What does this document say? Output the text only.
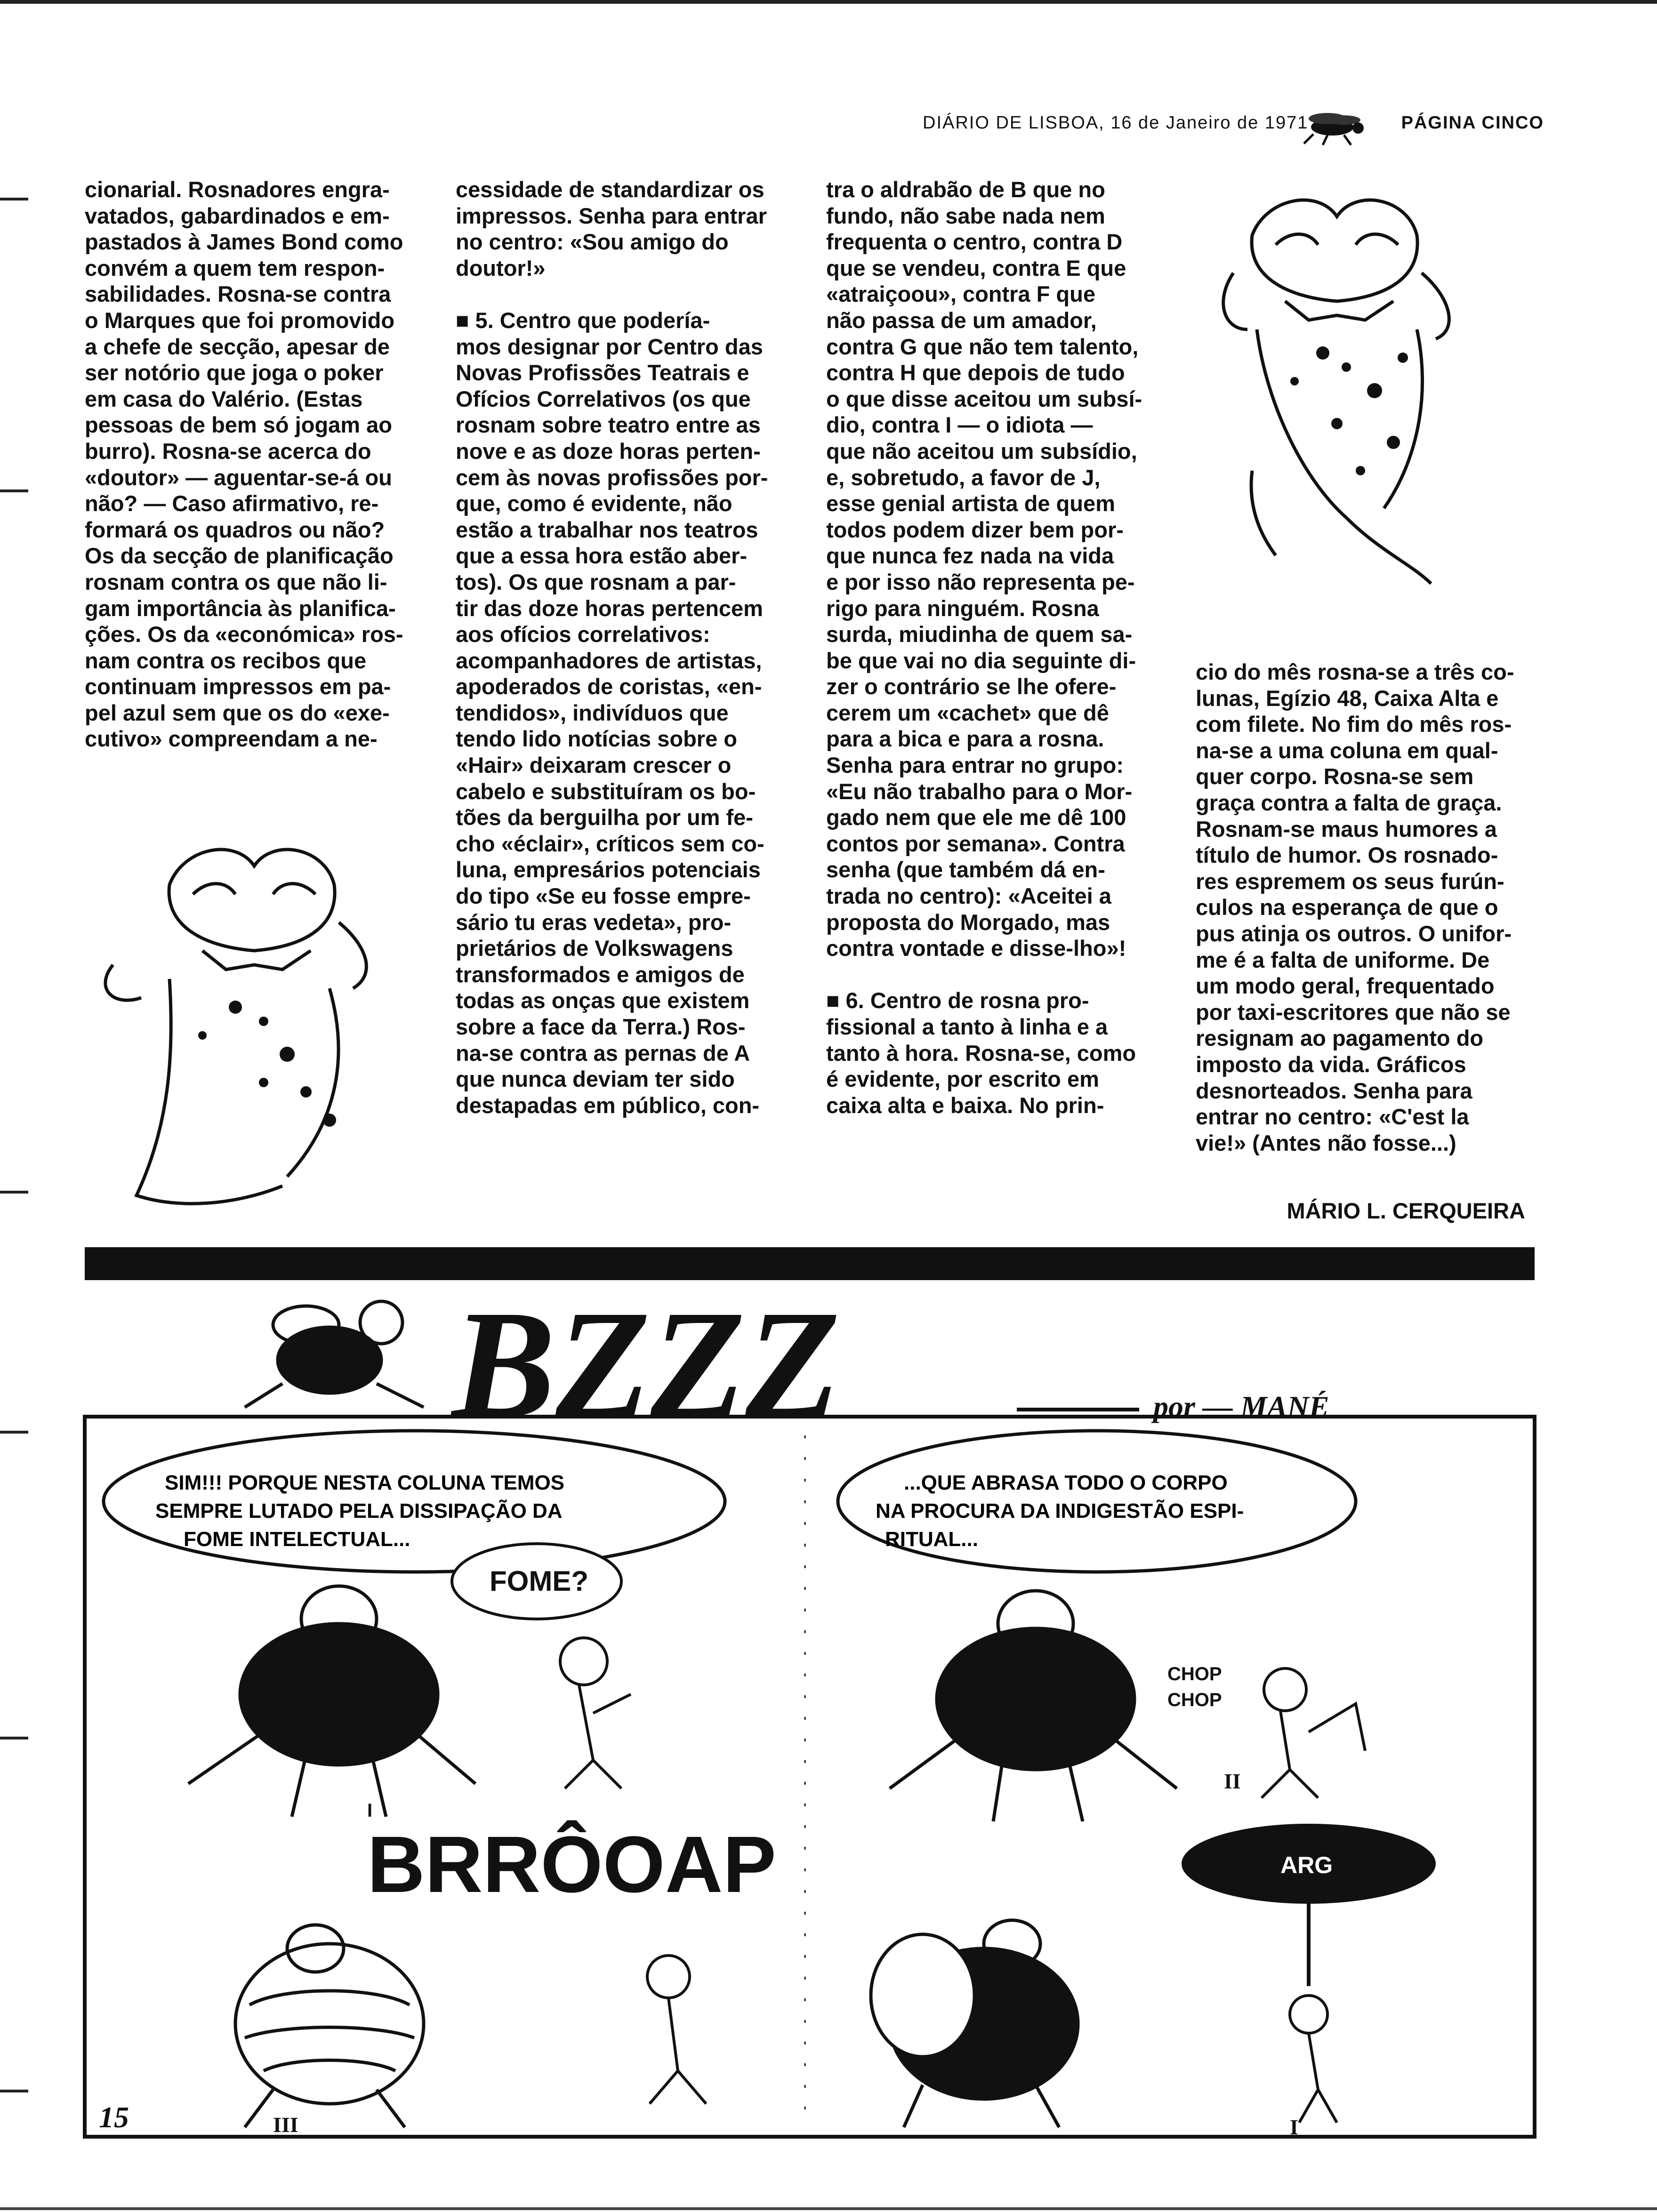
DIÁRIO DE LISBOA, 16 de Janeiro de 1971	PÁGINA CINCO
cionarial. Rosnadores engra-
vatados, gabardinados e em-
pastados à James Bond como
convém a quem tem respon-
sabilidades. Rosna-se contra
o Marques que foi promovido
a chefe de secção, apesar de
ser notório que joga o poker
em casa do Valério. (Estas
pessoas de bem só jogam ao
burro). Rosna-se acerca do
«doutor» — aguentar-se-á ou
não? — Caso afirmativo, re-
formará os quadros ou não?
Os da secção de planificação
rosnam contra os que não li-
gam importância às planifica-
ções. Os da «económica» ros-
nam contra os recibos que
continuam impressos em pa-
pel azul sem que os do «exe-
cutivo» compreendam a ne-
cessidade de standardizar os
impressos. Senha para entrar
no centro: «Sou amigo do
doutor!»

■ 5. Centro que podería-
mos designar por Centro das
Novas Profissões Teatrais e
Ofícios Correlativos (os que
rosnam sobre teatro entre as
nove e as doze horas perten-
cem às novas profissões por-
que, como é evidente, não
estão a trabalhar nos teatros
que a essa hora estão aber-
tos). Os que rosnam a par-
tir das doze horas pertencem
aos ofícios correlativos:
acompanhadores de artistas,
apoderados de coristas, «en-
tendidos», indivíduos que
tendo lido notícias sobre o
«Hair» deixaram crescer o
cabelo e substituíram os bo-
tões da berguilha por um fe-
cho «éclair», críticos sem co-
luna, empresários potenciais
do tipo «Se eu fosse empre-
sário tu eras vedeta», pro-
prietários de Volkswagens
transformados e amigos de
todas as onças que existem
sobre a face da Terra.) Ros-
na-se contra as pernas de A
que nunca deviam ter sido
destapadas em público, con-
tra o aldrabão de B que no
fundo, não sabe nada nem
frequenta o centro, contra D
que se vendeu, contra E que
«atraiçoou», contra F que
não passa de um amador,
contra G que não tem talento,
contra H que depois de tudo
o que disse aceitou um subsí-
dio, contra I — o idiota —
que não aceitou um subsídio,
e, sobretudo, a favor de J,
esse genial artista de quem
todos podem dizer bem por-
que nunca fez nada na vida
e por isso não representa pe-
rigo para ninguém. Rosna
surda, miudinha de quem sa-
be que vai no dia seguinte di-
zer o contrário se lhe ofere-
cerem um «cachet» que dê
para a bica e para a rosna.
Senha para entrar no grupo:
«Eu não trabalho para o Mor-
gado nem que ele me dê 100
contos por semana». Contra
senha (que também dá en-
trada no centro): «Aceitei a
proposta do Morgado, mas
contra vontade e disse-lho»!

■ 6. Centro de rosna pro-
fissional a tanto à linha e a
tanto à hora. Rosna-se, como
é evidente, por escrito em
caixa alta e baixa. No prin-
cio do mês rosna-se a três co-
lunas, Egízio 48, Caixa Alta e
com filete. No fim do mês ros-
na-se a uma coluna em qual-
quer corpo. Rosna-se sem
graça contra a falta de graça.
Rosnam-se maus humores a
título de humor. Os rosnado-
res espremem os seus furún-
culos na esperança de que o
pus atinja os outros. O unifor-
me é a falta de uniforme. De
um modo geral, frequentado
por taxi-escritores que não se
resignam ao pagamento do
imposto da vida. Gráficos
desnorteados. Senha para
entrar no centro: «C'est la
vie!» (Antes não fosse...)
MÁRIO L. CERQUEIRA
BZZZ	por — MANÉ
SIM!!! PORQUE NESTA COLUNA TEMOS
SEMPRE LUTADO PELA DISSIPAÇÃO DA
FOME INTELECTUAL...
FOME?
...QUE ABRASA TODO O CORPO
NA PROCURA DA INDIGESTÃO ESPI-
RITUAL...
CHOP
CHOP
I
BRRÔOAP	ARG
III	I
II
15
